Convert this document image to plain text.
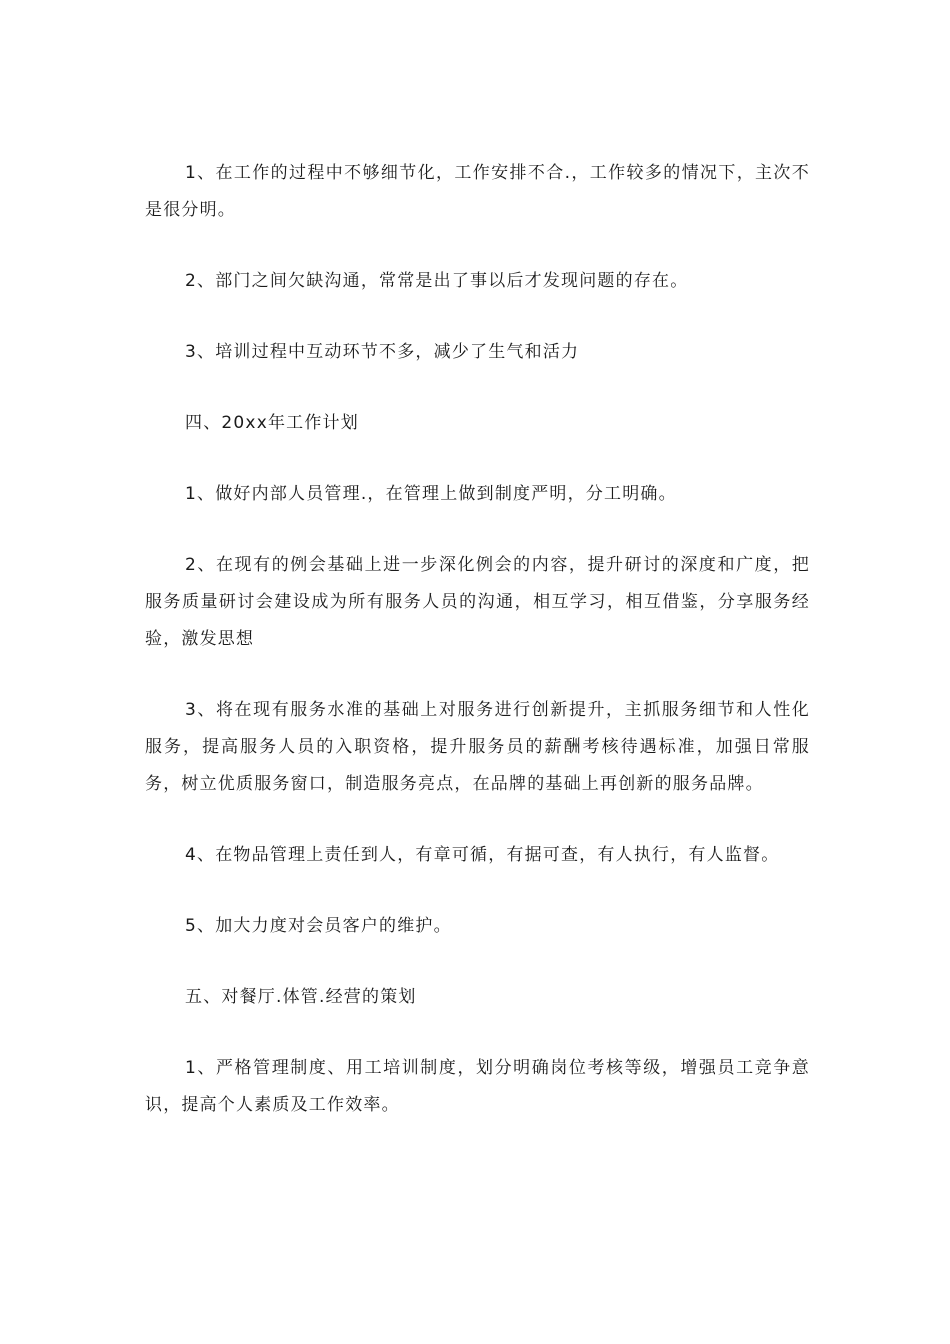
1、在工作的过程中不够细节化，工作安排不合.，工作较多的情况下，主次不是很分明。

2、部门之间欠缺沟通，常常是出了事以后才发现问题的存在。

3、培训过程中互动环节不多，减少了生气和活力

四、20xx年工作计划

1、做好内部人员管理.，在管理上做到制度严明，分工明确。

2、在现有的例会基础上进一步深化例会的内容，提升研讨的深度和广度，把服务质量研讨会建设成为所有服务人员的沟通，相互学习，相互借鉴，分享服务经验，激发思想

3、将在现有服务水准的基础上对服务进行创新提升，主抓服务细节和人性化服务，提高服务人员的入职资格，提升服务员的薪酬考核待遇标准，加强日常服务，树立优质服务窗口，制造服务亮点，在品牌的基础上再创新的服务品牌。

4、在物品管理上责任到人，有章可循，有据可查，有人执行，有人监督。

5、加大力度对会员客户的维护。

五、对餐厅.体管.经营的策划

1、严格管理制度、用工培训制度，划分明确岗位考核等级，增强员工竞争意识，提高个人素质及工作效率。
